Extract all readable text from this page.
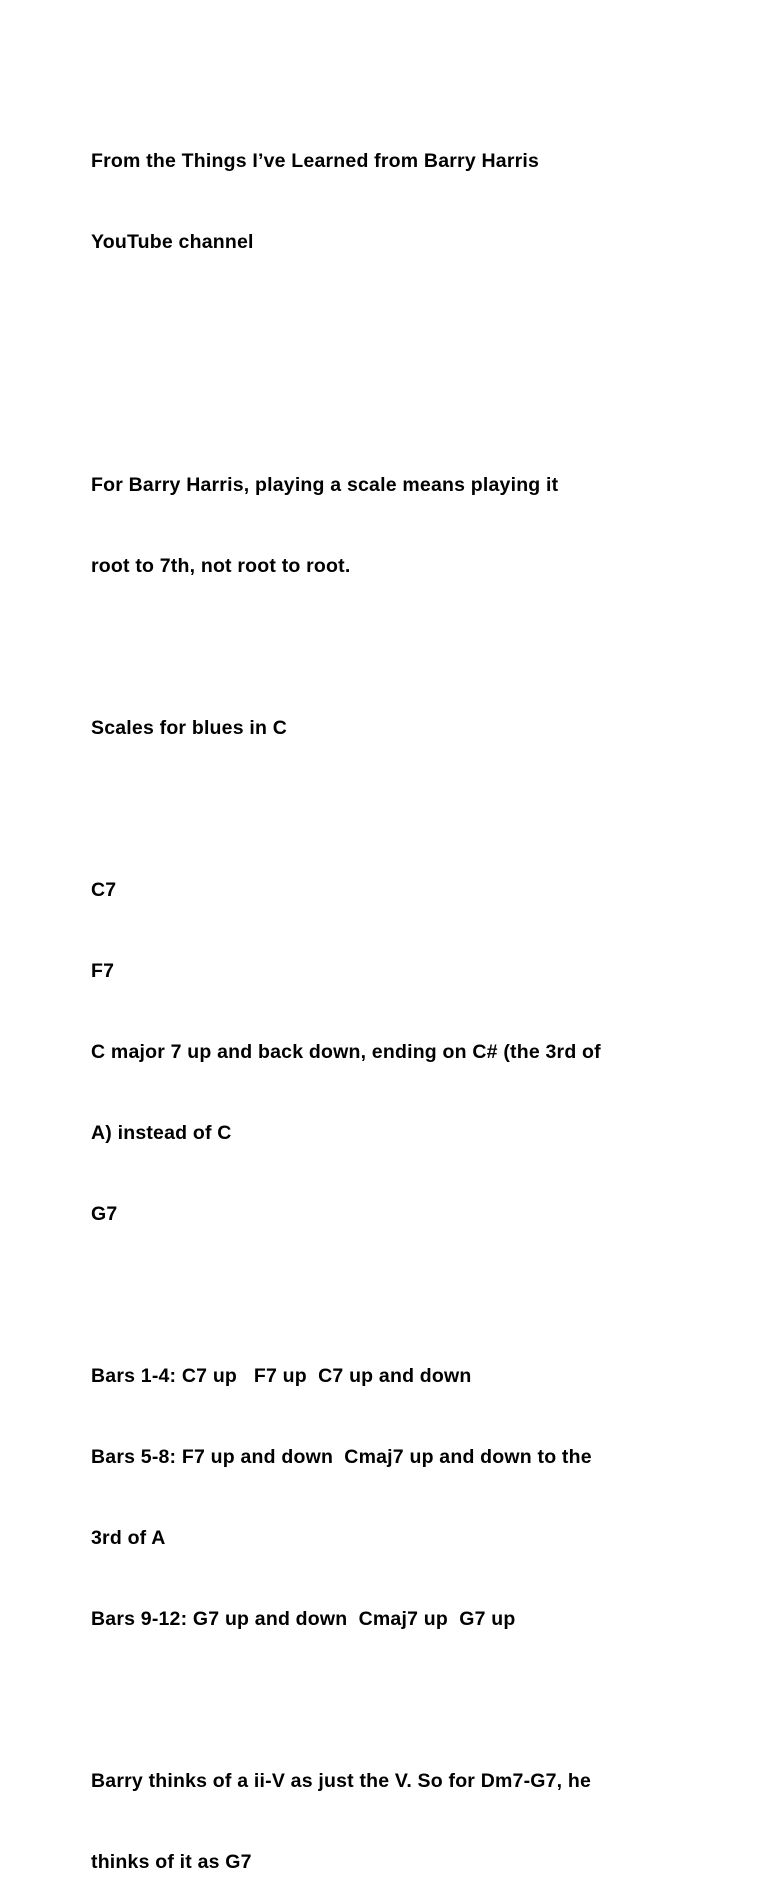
From the Things I’ve Learned from Barry Harris

YouTube channel

For Barry Harris, playing a scale means playing it

root to 7th, not root to root.

Scales for blues in C

C7

F7

C major 7 up and back down, ending on C# (the 3rd of

A) instead of C

G7

Bars 1-4: C7 up   F7 up  C7 up and down

Bars 5-8: F7 up and down  Cmaj7 up and down to the

3rd of A

Bars 9-12: G7 up and down  Cmaj7 up  G7 up

Barry thinks of a ii-V as just the V. So for Dm7-G7, he

thinks of it as G7
